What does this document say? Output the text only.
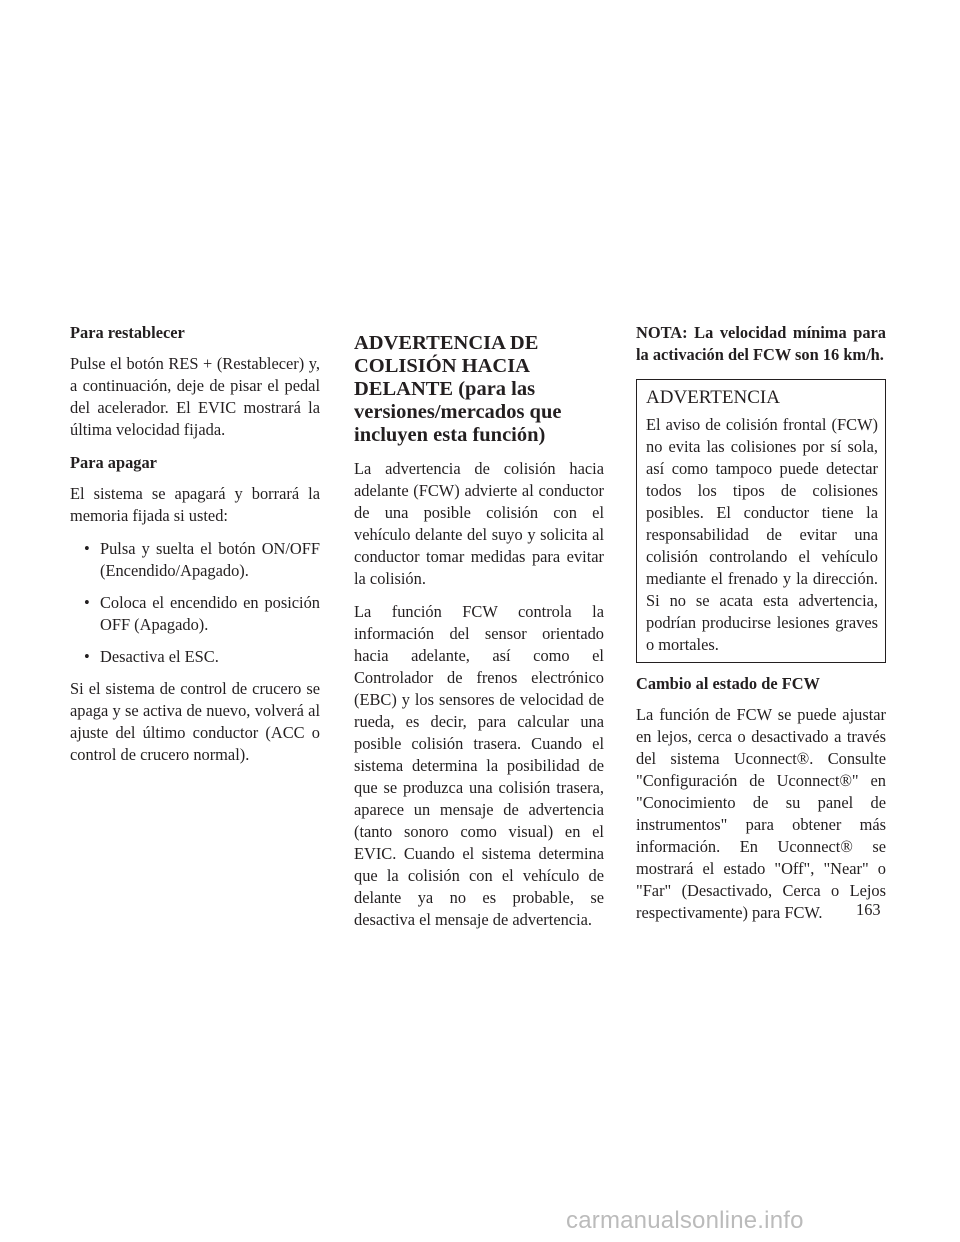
Para restablecer

Pulse el botón RES + (Restablecer) y, a continuación, deje de pisar el pedal del acelerador. El EVIC mostrará la última velocidad fijada.

Para apagar

El sistema se apagará y borrará la memoria fijada si usted:

• Pulsa y suelta el botón ON/OFF (Encendido/Apagado).
• Coloca el encendido en posición OFF (Apagado).
• Desactiva el ESC.

Si el sistema de control de crucero se apaga y se activa de nuevo, volverá al ajuste del último conductor (ACC o control de crucero normal).

ADVERTENCIA DE COLISIÓN HACIA DELANTE (para las versiones/mercados que incluyen esta función)

La advertencia de colisión hacia adelante (FCW) advierte al conductor de una posible colisión con el vehículo delante del suyo y solicita al conductor tomar medidas para evitar la colisión.

La función FCW controla la información del sensor orientado hacia adelante, así como el Controlador de frenos electrónico (EBC) y los sensores de velocidad de rueda, es decir, para calcular una posible colisión trasera. Cuando el sistema determina la posibilidad de que se produzca una colisión trasera, aparece un mensaje de advertencia (tanto sonoro como visual) en el EVIC. Cuando el sistema determina que la colisión con el vehículo de delante ya no es probable, se desactiva el mensaje de advertencia.

NOTA: La velocidad mínima para la activación del FCW son 16 km/h.

ADVERTENCIA

El aviso de colisión frontal (FCW) no evita las colisiones por sí sola, así como tampoco puede detectar todos los tipos de colisiones posibles. El conductor tiene la responsabilidad de evitar una colisión controlando el vehículo mediante el frenado y la dirección. Si no se acata esta advertencia, podrían producirse lesiones graves o mortales.

Cambio al estado de FCW

La función de FCW se puede ajustar en lejos, cerca o desactivado a través del sistema Uconnect®. Consulte "Configuración de Uconnect®" en "Conocimiento de su panel de instrumentos" para obtener más información. En Uconnect® se mostrará el estado "Off", "Near" o "Far" (Desactivado, Cerca o Lejos respectivamente) para FCW.	163
carmanualsonline.info
